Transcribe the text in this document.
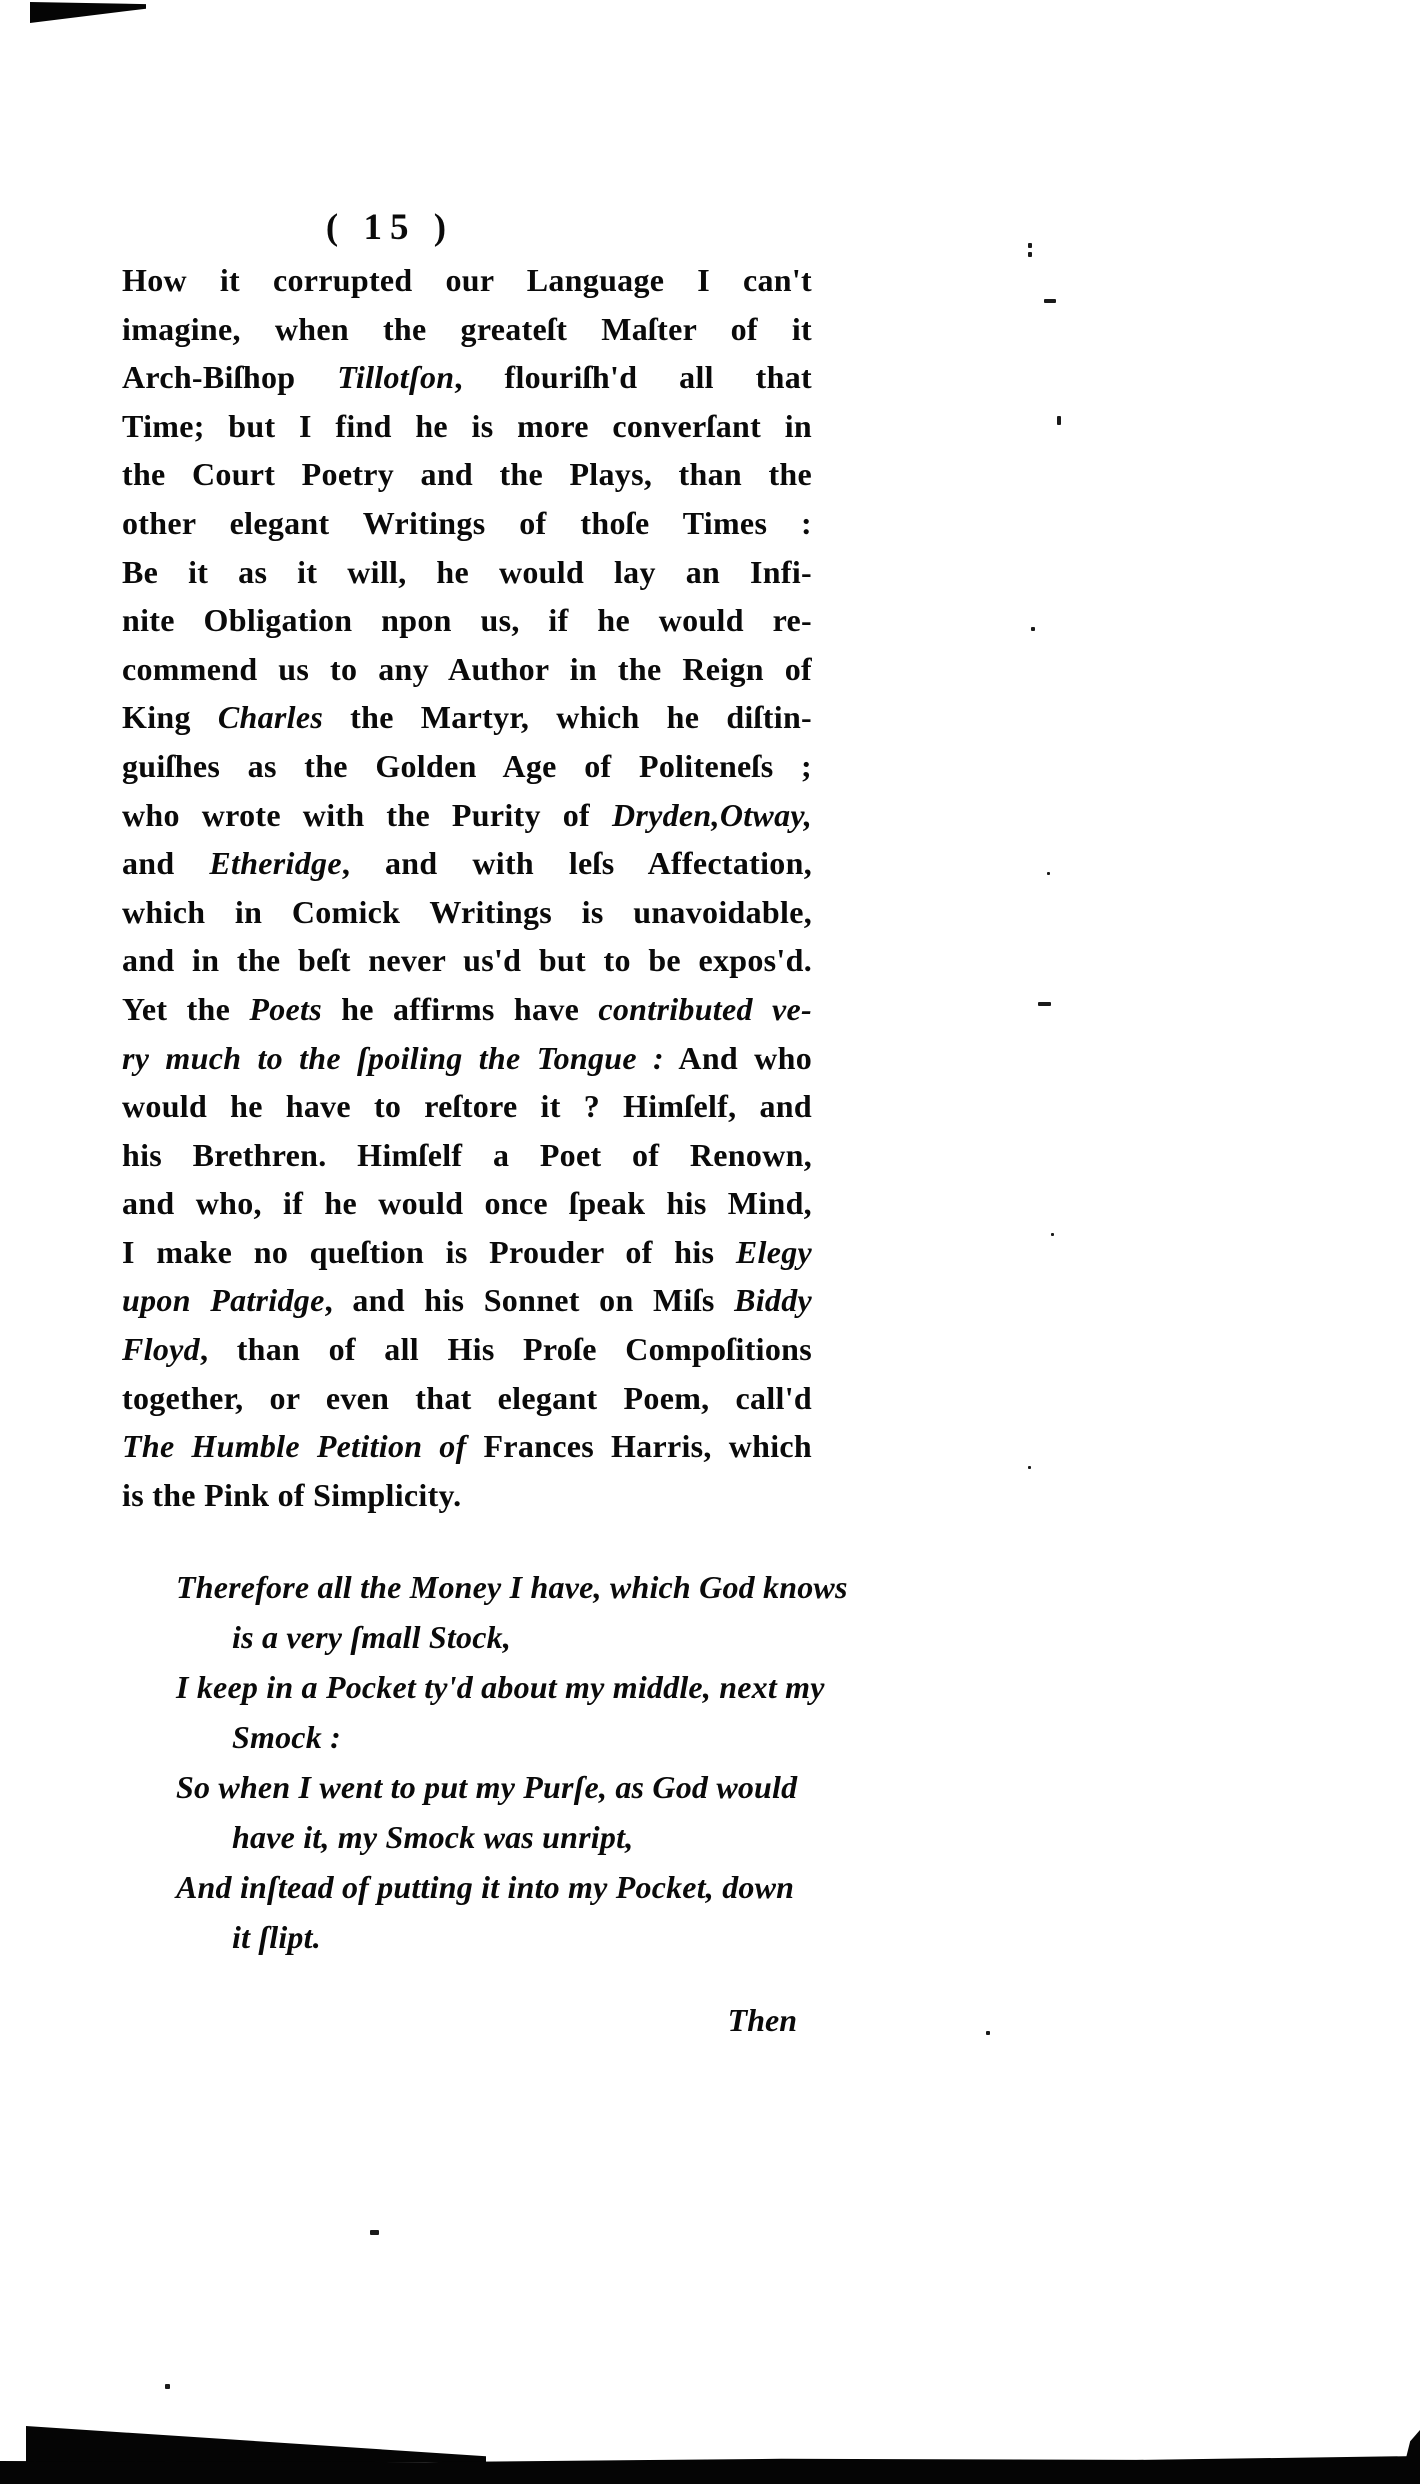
( 15 )
How it corrupted our Language I can't
imagine, when the greateſt Maſter of it
Arch-Biſhop Tillotſon, flouriſh'd all that
Time; but I find he is more converſant in
the Court Poetry and the Plays, than the
other elegant Writings of thoſe Times :
Be it as it will, he would lay an Infi-
nite Obligation npon us, if he would re-
commend us to any Author in the Reign of
King Charles the Martyr, which he diſtin-
guiſhes as the Golden Age of Politeneſs ;
who wrote with the Purity of Dryden,Otway,
and Etheridge, and with leſs Affectation,
which in Comick Writings is unavoidable,
and in the beſt never us'd but to be expos'd.
Yet the Poets he affirms have contributed ve-
ry much to the ſpoiling the Tongue : And who
would he have to reſtore it ? Himſelf, and
his Brethren. Himſelf a Poet of Renown,
and who, if he would once ſpeak his Mind,
I make no queſtion is Prouder of his Elegy
upon Patridge, and his Sonnet on Miſs Biddy
Floyd, than of all His Proſe Compoſitions
together, or even that elegant Poem, call'd
The Humble Petition of Frances Harris, which
is the Pink of Simplicity.
Therefore all the Money I have, which God knows
is a very ſmall Stock,
I keep in a Pocket ty'd about my middle, next my
Smock :
So when I went to put my Purſe, as God would
have it, my Smock was unript,
And inſtead of putting it into my Pocket, down
it ſlipt.
Then
